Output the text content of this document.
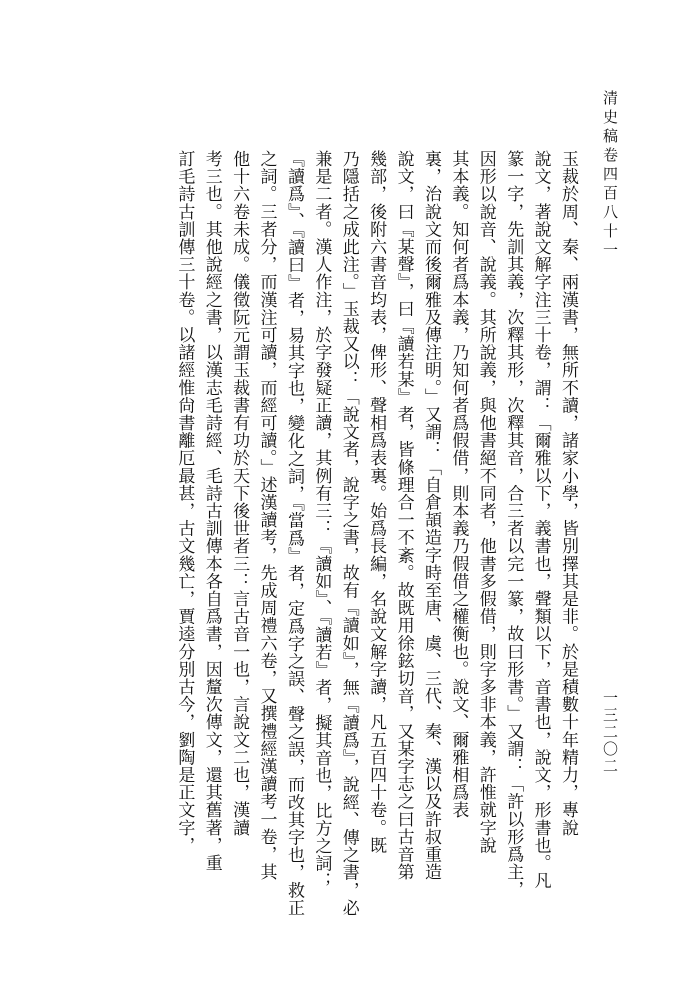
清史稿卷四百八十一
一三二〇二
玉裁於周、秦、兩漢書，無所不讀，諸家小學，皆別擇其是非。於是積數十年精力，專說
說文，著說文解字注三十卷，謂：「爾雅以下，義書也，聲類以下，音書也，說文，形書也。凡
篆一字，先訓其義，次釋其形，次釋其音，合三者以完一篆，故曰形書。」又謂：「許以形爲主，
因形以說音、說義。其所說義，與他書絕不同者，他書多假借，則字多非本義，許惟就字說
其本義。知何者爲本義，乃知何者爲假借，則本義乃假借之權衡也。說文、爾雅相爲表
裏，治說文而後爾雅及傳注明。」又謂：「自倉頡造字時至唐、虞、三代、秦、漢以及許叔重造
說文，曰『某聲』，曰『讀若某』者，皆條理合一不紊。故既用徐鉉切音，又某字志之曰古音第
幾部，後附六書音均表，俾形、聲相爲表裏。始爲長編，名說文解字讀，凡五百四十卷。既
乃隱括之成此注。」玉裁又以：「說文者，說字之書，故有『讀如』，無『讀爲』，說經、傳之書，必
兼是二者。漢人作注，於字發疑正讀，其例有三：『讀如』、『讀若』者，擬其音也，比方之詞；
『讀爲』、『讀曰』者，易其字也，變化之詞，『當爲』者，定爲字之誤、聲之誤，而改其字也，救正
之詞。三者分，而漢注可讀，而經可讀。」述漢讀考，先成周禮六卷，又撰禮經漢讀考一卷，其
他十六卷未成。儀徵阮元謂玉裁書有功於天下後世者三：言古音一也，言說文二也，漢讀
考三也。其他說經之書，以漢志毛詩經、毛詩古訓傳本各自爲書，因釐次傳文，還其舊著，重
訂毛詩古訓傳三十卷。以諸經惟尙書離厄最甚，古文幾亡，賈逵分別古今，劉陶是正文字，
